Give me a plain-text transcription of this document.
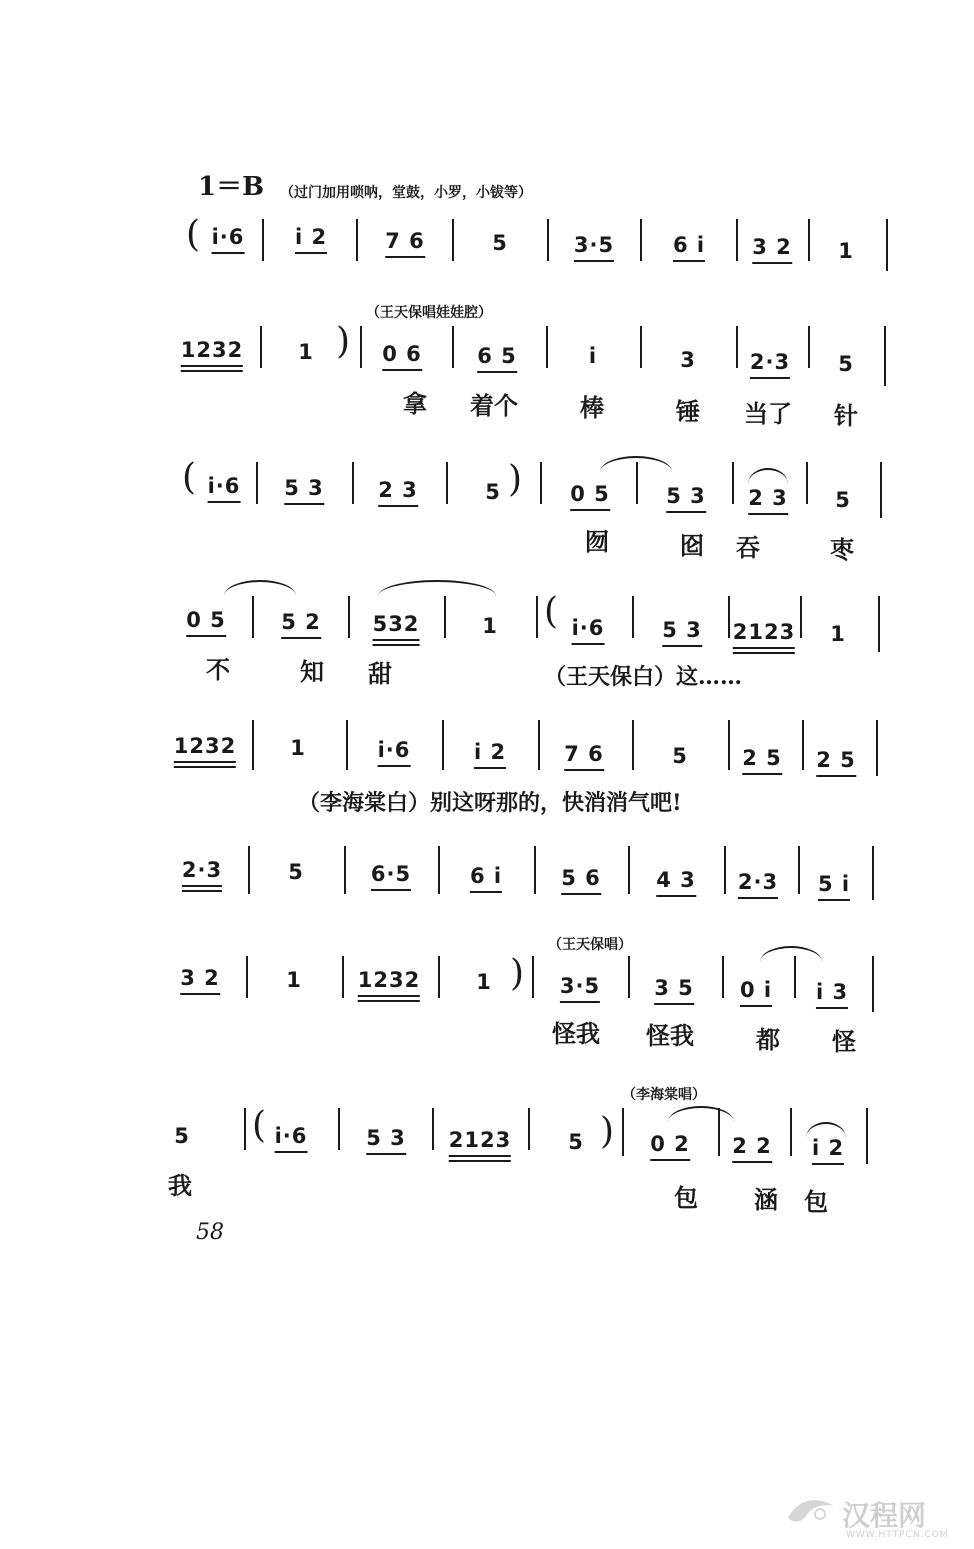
1＝B （过门加用唢呐，堂鼓，小罗，小钹等）
( i·6 i 2	7 6	5	3·5	6 i 3 2 1
（王天保唱娃娃腔）
)
1232	1	0 6	6 5	i	3	2·3 5
拿 着个	棒	锤 当了 针
(	)
i·6 5 3	2 3	5	0 5	5 3 2 3 5
囫	囵 吞	枣
(
0 5	5 2 532	1	i·6	5 3 2123 1
不	知 甜	（王天保白）这……
1232	1	i·6	i 2	7 6	5	2 5 2 5
（李海棠白）别这呀那的，快消消气吧!
2·3	5	6·5	6 i	5 6	4 3 2·3 5 i
（王天保唱）
)
3 2	1	1232	1	3·5	3 5 0 i i 3
怪我 怪我	都 怪
（李海棠唱）
(	)
5	i·6	5 3 2123	5	0 2 2 2 i 2
我	包 涵 包
58
汉程网
WWW.HTTPCN.COM
